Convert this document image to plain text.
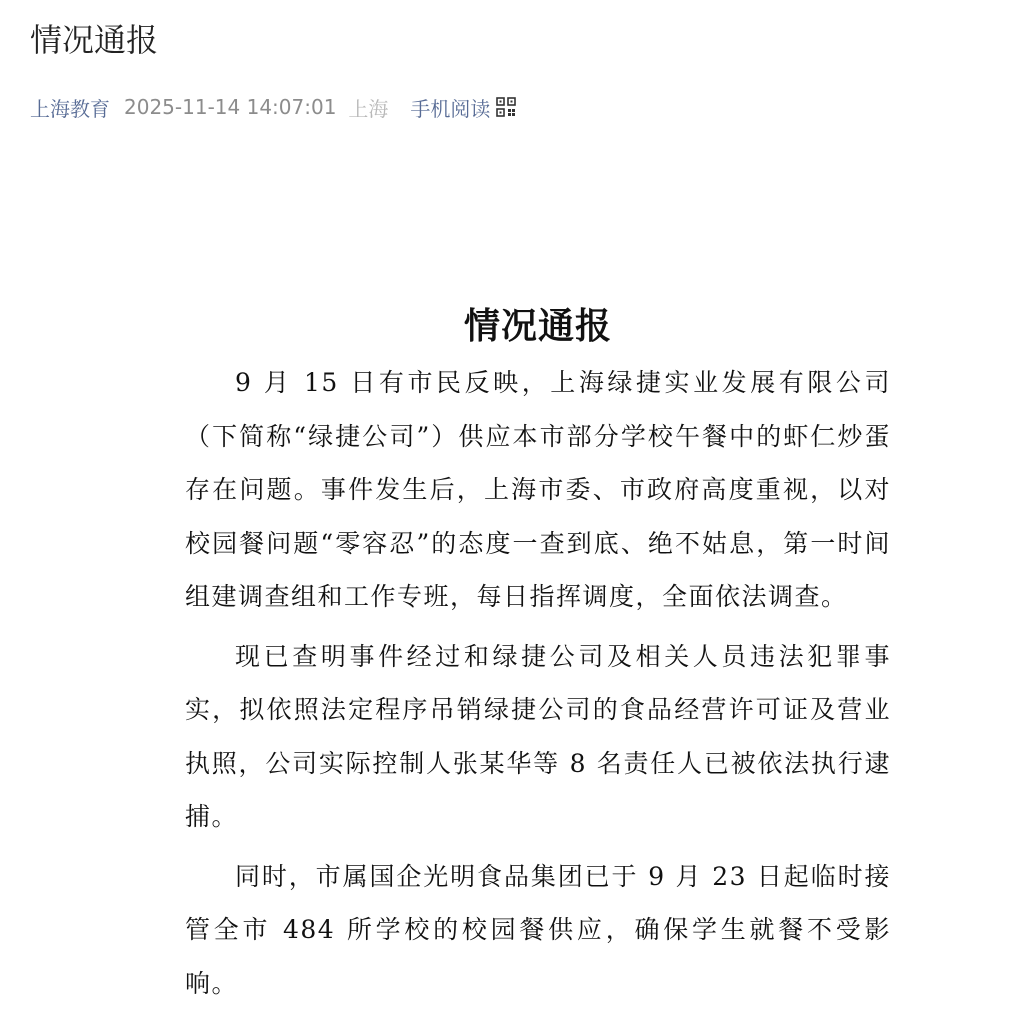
情况通报
上海教育 2025-11-14 14:07:01 上海 手机阅读
情况通报

9 月 15 日有市民反映，上海绿捷实业发展有限公司（下简称“绿捷公司”）供应本市部分学校午餐中的虾仁炒蛋存在问题。事件发生后，上海市委、市政府高度重视，以对校园餐问题“零容忍”的态度一查到底、绝不姑息，第一时间组建调查组和工作专班，每日指挥调度，全面依法调查。

现已查明事件经过和绿捷公司及相关人员违法犯罪事实，拟依照法定程序吊销绿捷公司的食品经营许可证及营业执照，公司实际控制人张某华等 8 名责任人已被依法执行逮捕。

同时，市属国企光明食品集团已于 9 月 23 日起临时接管全市 484 所学校的校园餐供应，确保学生就餐不受影响。
